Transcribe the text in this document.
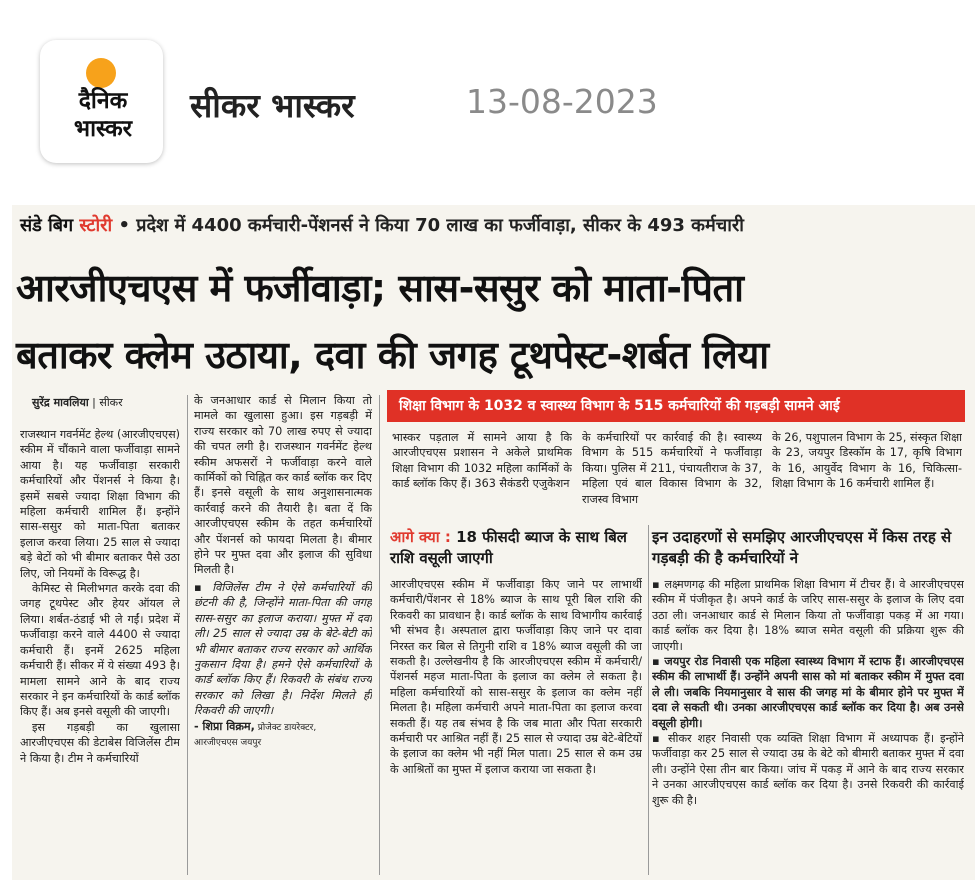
दैनिक
भास्कर
सीकर भास्कर	13-08-2023
संडे बिग स्टोरी • प्रदेश में 4400 कर्मचारी-पेंशनर्स ने किया 70 लाख का फर्जीवाड़ा, सीकर के 493 कर्मचारी
आरजीएचएस में फर्जीवाड़ा; सास-ससुर को माता-पिता
बताकर क्लेम उठाया, दवा की जगह टूथपेस्ट-शर्बत लिया
सुरेंद्र मावलिया | सीकर

राजस्थान गवर्नमेंट हेल्थ (आरजीएचएस) स्कीम में चौंकाने वाला फर्जीवाड़ा सामने आया है। यह फर्जीवाड़ा सरकारी कर्मचारियों और पेंशनर्स ने किया है। इसमें सबसे ज्यादा शिक्षा विभाग की महिला कर्मचारी शामिल हैं। इन्होंने सास-ससुर को माता-पिता बताकर इलाज करवा लिया। 25 साल से ज्यादा बड़े बेटों को भी बीमार बताकर पैसे उठा लिए, जो नियमों के विरूद्ध है।

केमिस्ट से मिलीभगत करके दवा की जगह टूथपेस्ट और हेयर ऑयल ले लिया। शर्बत-ठंडाई भी ले गईं। प्रदेश में फर्जीवाड़ा करने वाले 4400 से ज्यादा कर्मचारी हैं। इनमें 2625 महिला कर्मचारी हैं। सीकर में ये संख्या 493 है। मामला सामने आने के बाद राज्य सरकार ने इन कर्मचारियों के कार्ड ब्लॉक किए हैं। अब इनसे वसूली की जाएगी।

इस गड़बड़ी का खुलासा आरजीएचएस की डेटाबेस विजिलेंस टीम ने किया है। टीम ने कर्मचारियों

के जनआधार कार्ड से मिलान किया तो मामले का खुलासा हुआ। इस गड़बड़ी में राज्य सरकार को 70 लाख रुपए से ज्यादा की चपत लगी है। राजस्थान गवर्नमेंट हेल्थ स्कीम अफसरों ने फर्जीवाड़ा करने वाले कार्मिकों को चिह्नित कर कार्ड ब्लॉक कर दिए हैं। इनसे वसूली के साथ अनुशासनात्मक कार्रवाई करने की तैयारी है। बता दें कि आरजीएचएस स्कीम के तहत कर्मचारियों और पेंशनर्स को फायदा मिलता है। बीमार होने पर मुफ्त दवा और इलाज की सुविधा मिलती है।

▪ विजिलेंस टीम ने ऐसे कर्मचारियों की छंटनी की है, जिन्होंने माता-पिता की जगह सास-ससुर का इलाज कराया। मुफ्त में दवा ली। 25 साल से ज्यादा उम्र के बेटे-बेटी को भी बीमार बताकर राज्य सरकार को आर्थिक नुकसान दिया है। हमने ऐसे कर्मचारियों के कार्ड ब्लॉक किए हैं। रिकवरी के संबंध राज्य सरकार को लिखा है। निर्देश मिलते ही रिकवरी की जाएगी।

- शिप्रा विक्रम, प्रोजेक्ट डायरेक्टर,

आरजीएचएस जयपुर

शिक्षा विभाग के 1032 व स्वास्थ्य विभाग के 515 कर्मचारियों की गड़बड़ी सामने आई
भास्कर पड़ताल में सामने आया है कि आरजीएचएस प्रशासन ने अकेले प्राथमिक शिक्षा विभाग की 1032 महिला कार्मिकों के कार्ड ब्लॉक किए हैं। 363 सैकंडरी एजुकेशन
के कर्मचारियों पर कार्रवाई की है। स्वास्थ्य विभाग के 515 कर्मचारियों ने फर्जीवाड़ा किया। पुलिस में 211, पंचायतीराज के 37, महिला एवं बाल विकास विभाग के 32, राजस्व विभाग
के 26, पशुपालन विभाग के 25, संस्कृत शिक्षा के 23, जयपुर डिस्कॉम के 17, कृषि विभाग के 16, आयुर्वेद विभाग के 16, चिकित्सा-शिक्षा विभाग के 16 कर्मचारी शामिल हैं।
आगे क्या : 18 फीसदी ब्याज के साथ बिल राशि वसूली जाएगी
आरजीएचएस स्कीम में फर्जीवाड़ा किए जाने पर लाभार्थी कर्मचारी/पेंशनर से 18% ब्याज के साथ पूरी बिल राशि की रिकवरी का प्रावधान है। कार्ड ब्लॉक के साथ विभागीय कार्रवाई भी संभव है। अस्पताल द्वारा फर्जीवाड़ा किए जाने पर दावा निरस्त कर बिल से तिगुनी राशि व 18% ब्याज वसूली की जा सकती है। उल्लेखनीय है कि आरजीएचएस स्कीम में कर्मचारी/पेंशनर्स महज माता-पिता के इलाज का क्लेम ले सकता है। महिला कर्मचारियों को सास-ससुर के इलाज का क्लेम नहीं मिलता है। महिला कर्मचारी अपने माता-पिता का इलाज करवा सकती हैं। यह तब संभव है कि जब माता और पिता सरकारी कर्मचारी पर आश्रित नहीं हैं। 25 साल से ज्यादा उम्र बेटे-बेटियों के इलाज का क्लेम भी नहीं मिल पाता। 25 साल से कम उम्र के आश्रितों का मुफ्त में इलाज कराया जा सकता है।
इन उदाहरणों से समझिए आरजीएचएस में किस तरह से गड़बड़ी की है कर्मचारियों ने

▪ लक्ष्मणगढ़ की महिला प्राथमिक शिक्षा विभाग में टीचर हैं। वे आरजीएचएस स्कीम में पंजीकृत है। अपने कार्ड के जरिए सास-ससुर के इलाज के लिए दवा उठा ली। जनआधार कार्ड से मिलान किया तो फर्जीवाड़ा पकड़ में आ गया। कार्ड ब्लॉक कर दिया है। 18% ब्याज समेत वसूली की प्रक्रिया शुरू की जाएगी।

▪ जयपुर रोड निवासी एक महिला स्वास्थ्य विभाग में स्टाफ हैं। आरजीएचएस स्कीम की लाभार्थी हैं। उन्होंने अपनी सास को मां बताकर स्कीम में मुफ्त दवा ले ली। जबकि नियमानुसार वे सास की जगह मां के बीमार होने पर मुफ्त में दवा ले सकती थी। उनका आरजीएचएस कार्ड ब्लॉक कर दिया है। अब उनसे वसूली होगी।

▪ सीकर शहर निवासी एक व्यक्ति शिक्षा विभाग में अध्यापक हैं। इन्होंने फर्जीवाड़ा कर 25 साल से ज्यादा उम्र के बेटे को बीमारी बताकर मुफ्त में दवा ली। उन्होंने ऐसा तीन बार किया। जांच में पकड़ में आने के बाद राज्य सरकार ने उनका आरजीएचएस कार्ड ब्लॉक कर दिया है। उनसे रिकवरी की कार्रवाई शुरू की है।
